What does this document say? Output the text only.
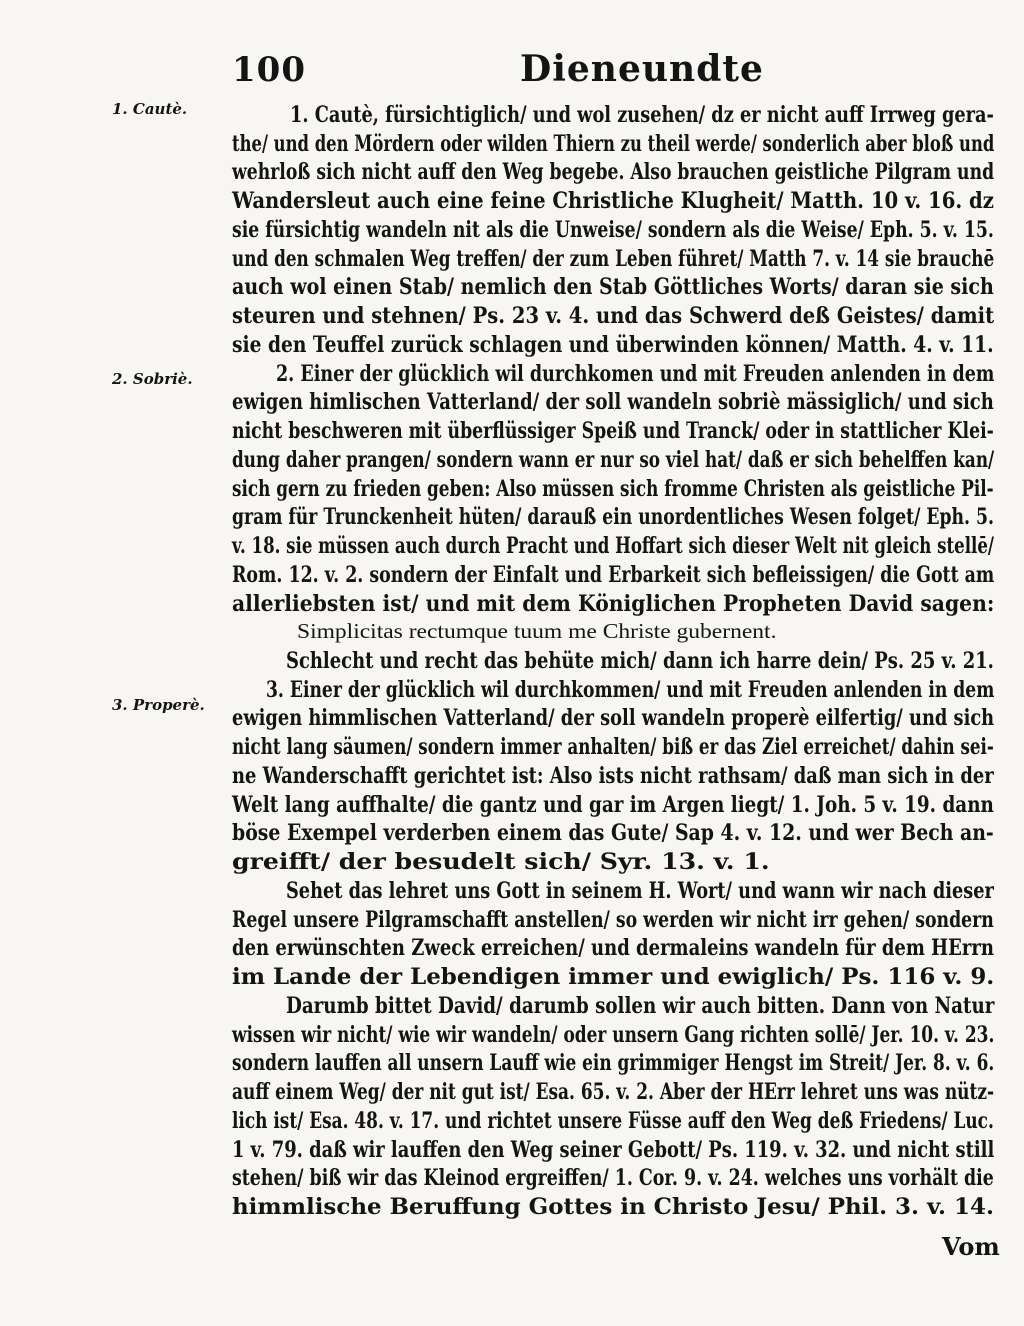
100	Dieneundte
1. Cautè.
2. Sobriè.
3. Properè.
1. Cautè, fürsichtiglich/ und wol zusehen/ dz er nicht auff Irrweg gera-
the/ und den Mördern oder wilden Thiern zu theil werde/ sonderlich aber bloß und
wehrloß sich nicht auff den Weg begebe. Also brauchen geistliche Pilgram und
Wandersleut auch eine feine Christliche Klugheit/ Matth. 10 v. 16. dz
sie fürsichtig wandeln nit als die Unweise/ sondern als die Weise/ Eph. 5. v. 15.
und den schmalen Weg treffen/ der zum Leben führet/ Matth 7. v. 14 sie brauchē
auch wol einen Stab/ nemlich den Stab Göttliches Worts/ daran sie sich
steuren und stehnen/ Ps. 23 v. 4. und das Schwerd deß Geistes/ damit
sie den Teuffel zurück schlagen und überwinden können/ Matth. 4. v. 11.
2. Einer der glücklich wil durchkomen und mit Freuden anlenden in dem
ewigen himlischen Vatterland/ der soll wandeln sobriè mässiglich/ und sich
nicht beschweren mit überflüssiger Speiß und Tranck/ oder in stattlicher Klei-
dung daher prangen/ sondern wann er nur so viel hat/ daß er sich behelffen kan/
sich gern zu frieden geben: Also müssen sich fromme Christen als geistliche Pil-
gram für Trunckenheit hüten/ darauß ein unordentliches Wesen folget/ Eph. 5.
v. 18. sie müssen auch durch Pracht und Hoffart sich dieser Welt nit gleich stellē/
Rom. 12. v. 2. sondern der Einfalt und Erbarkeit sich befleissigen/ die Gott am
allerliebsten ist/ und mit dem Königlichen Propheten David sagen:
Simplicitas rectumque tuum me Christe gubernent.
Schlecht und recht das behüte mich/ dann ich harre dein/ Ps. 25 v. 21.
3. Einer der glücklich wil durchkommen/ und mit Freuden anlenden in dem
ewigen himmlischen Vatterland/ der soll wandeln properè eilfertig/ und sich
nicht lang säumen/ sondern immer anhalten/ biß er das Ziel erreichet/ dahin sei-
ne Wanderschafft gerichtet ist: Also ists nicht rathsam/ daß man sich in der
Welt lang auffhalte/ die gantz und gar im Argen liegt/ 1. Joh. 5 v. 19. dann
böse Exempel verderben einem das Gute/ Sap 4. v. 12. und wer Bech an-
greifft/ der besudelt sich/ Syr. 13. v. 1.
Sehet das lehret uns Gott in seinem H. Wort/ und wann wir nach dieser
Regel unsere Pilgramschafft anstellen/ so werden wir nicht irr gehen/ sondern
den erwünschten Zweck erreichen/ und dermaleins wandeln für dem HErrn
im Lande der Lebendigen immer und ewiglich/ Ps. 116 v. 9.
Darumb bittet David/ darumb sollen wir auch bitten. Dann von Natur
wissen wir nicht/ wie wir wandeln/ oder unsern Gang richten sollē/ Jer. 10. v. 23.
sondern lauffen all unsern Lauff wie ein grimmiger Hengst im Streit/ Jer. 8. v. 6.
auff einem Weg/ der nit gut ist/ Esa. 65. v. 2. Aber der HErr lehret uns was nütz-
lich ist/ Esa. 48. v. 17. und richtet unsere Füsse auff den Weg deß Friedens/ Luc.
1 v. 79. daß wir lauffen den Weg seiner Gebott/ Ps. 119. v. 32. und nicht still
stehen/ biß wir das Kleinod ergreiffen/ 1. Cor. 9. v. 24. welches uns vorhält die
himmlische Beruffung Gottes in Christo Jesu/ Phil. 3. v. 14.
Vom
